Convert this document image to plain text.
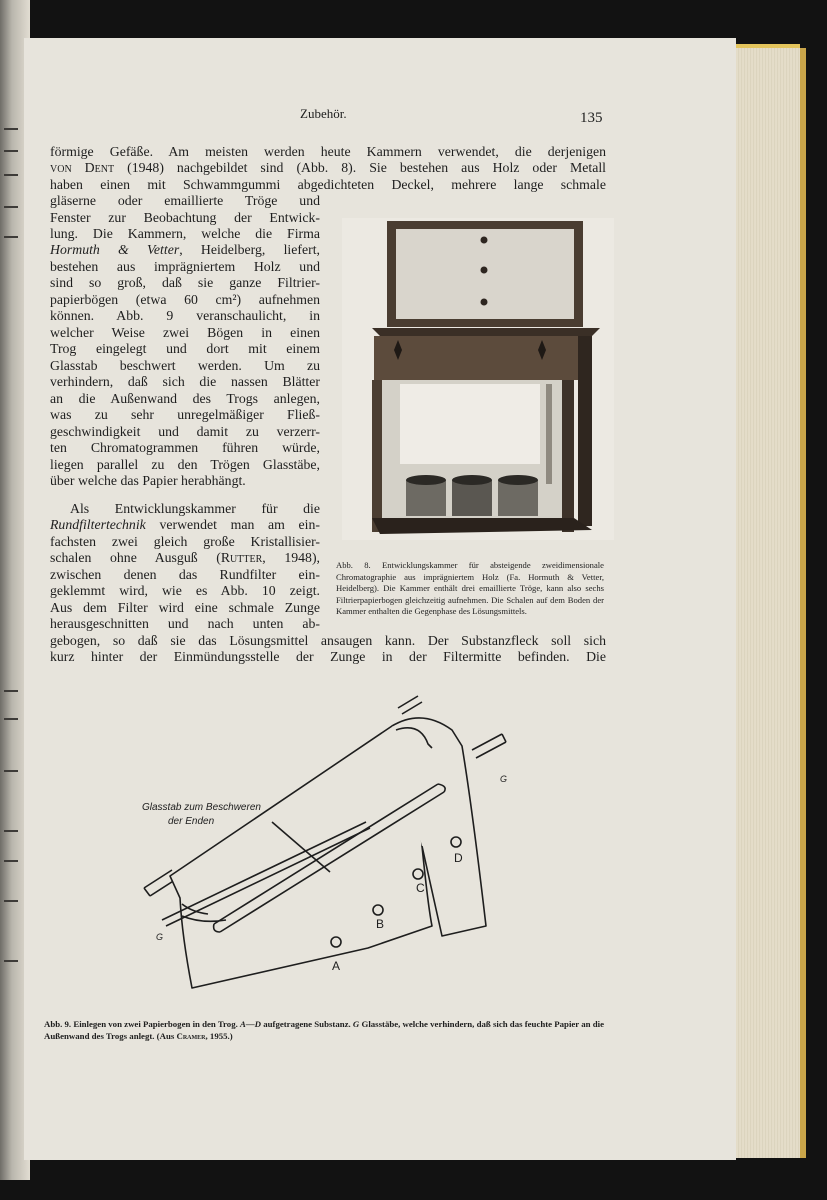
Zubehör.	135
förmige Gefäße. Am meisten werden heute Kammern verwendet, die derjenigen
von Dent (1948) nachgebildet sind (Abb. 8). Sie bestehen aus Holz oder Metall
haben einen mit Schwammgummi abgedichteten Deckel, mehrere lange schmale
gläserne oder emaillierte Tröge und
Fenster zur Beobachtung der Entwick-
lung. Die Kammern, welche die Firma
Hormuth & Vetter, Heidelberg, liefert,
bestehen aus imprägniertem Holz und
sind so groß, daß sie ganze Filtrier-
papierbögen (etwa 60 cm²) aufnehmen
können. Abb. 9 veranschaulicht, in
welcher Weise zwei Bögen in einen
Trog eingelegt und dort mit einem
Glasstab beschwert werden. Um zu
verhindern, daß sich die nassen Blätter
an die Außenwand des Trogs anlegen,
was zu sehr unregelmäßiger Fließ-
geschwindigkeit und damit zu verzerr-
ten Chromatogrammen führen würde,
liegen parallel zu den Trögen Glasstäbe,
über welche das Papier herabhängt.
Als Entwicklungskammer für die
Rundfiltertechnik verwendet man am ein-
fachsten zwei gleich große Kristallisier-
schalen ohne Ausguß (Rutter, 1948),
zwischen denen das Rundfilter ein-
geklemmt wird, wie es Abb. 10 zeigt.
Aus dem Filter wird eine schmale Zunge
herausgeschnitten und nach unten ab-
gebogen, so daß sie das Lösungsmittel ansaugen kann. Der Substanzfleck soll sich
kurz hinter der Einmündungsstelle der Zunge in der Filtermitte befinden. Die
Abb. 8. Entwicklungskammer für absteigende zweidimensionale Chromatographie aus imprägniertem Holz (Fa. Hormuth & Vetter, Heidelberg). Die Kammer enthält drei emaillierte Tröge, kann also sechs Filtrierpapierbogen gleichzeitig aufnehmen. Die Schalen auf dem Boden der Kammer enthalten die Gegenphase des Lösungsmittels.
Glasstab zum Beschweren
der Enden
A
B
C
D
G
G
Abb. 9. Einlegen von zwei Papierbogen in den Trog. A—D aufgetragene Substanz. G Glasstäbe, welche verhindern, daß sich das feuchte Papier an die Außenwand des Trogs anlegt. (Aus Cramer, 1955.)
